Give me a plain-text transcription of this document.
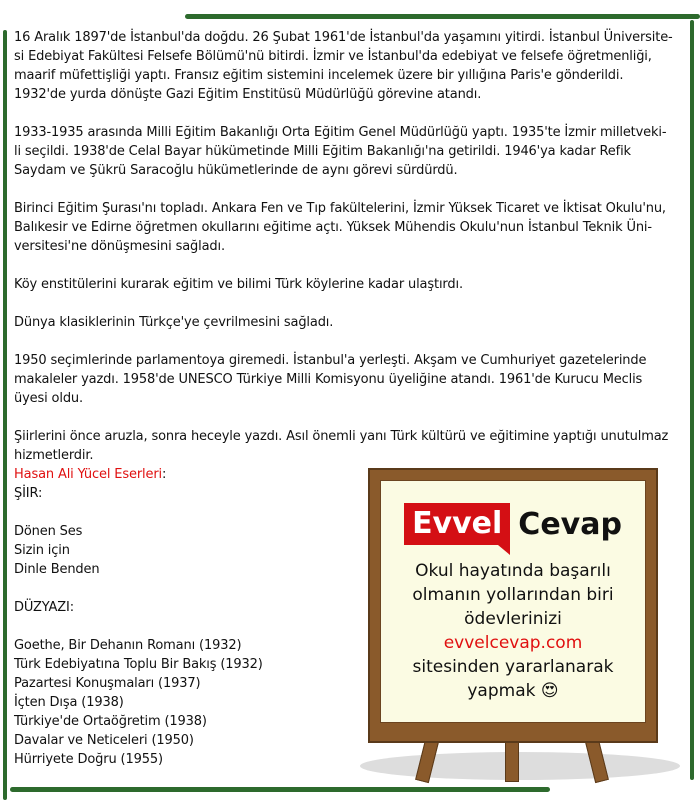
16 Aralık 1897'de İstanbul'da doğdu. 26 Şubat 1961'de İstanbul'da yaşamını yitirdi. İstanbul Üniversite-
si Edebiyat Fakültesi Felsefe Bölümü'nü bitirdi. İzmir ve İstanbul'da edebiyat ve felsefe öğretmenliği,
maarif müfettişliği yaptı. Fransız eğitim sistemini incelemek üzere bir yıllığına Paris'e gönderildi.
1932'de yurda dönüşte Gazi Eğitim Enstitüsü Müdürlüğü görevine atandı.
1933-1935 arasında Milli Eğitim Bakanlığı Orta Eğitim Genel Müdürlüğü yaptı. 1935'te İzmir milletveki-
li seçildi. 1938'de Celal Bayar hükümetinde Milli Eğitim Bakanlığı'na getirildi. 1946'ya kadar Refik
Saydam ve Şükrü Saracoğlu hükümetlerinde de aynı görevi sürdürdü.
Birinci Eğitim Şurası'nı topladı. Ankara Fen ve Tıp fakültelerini, İzmir Yüksek Ticaret ve İktisat Okulu'nu,
Balıkesir ve Edirne öğretmen okullarını eğitime açtı. Yüksek Mühendis Okulu'nun İstanbul Teknik Üni-
versitesi'ne dönüşmesini sağladı.
Köy enstitülerini kurarak eğitim ve bilimi Türk köylerine kadar ulaştırdı.
Dünya klasiklerinin Türkçe'ye çevrilmesini sağladı.
1950 seçimlerinde parlamentoya giremedi. İstanbul'a yerleşti. Akşam ve Cumhuriyet gazetelerinde
makaleler yazdı. 1958'de UNESCO Türkiye Milli Komisyonu üyeliğine atandı. 1961'de Kurucu Meclis
üyesi oldu.
Şiirlerini önce aruzla, sonra heceyle yazdı. Asıl önemli yanı Türk kültürü ve eğitimine yaptığı unutulmaz
hizmetlerdir.
Hasan Ali Yücel Eserleri:
ŞİIR:
Dönen Ses
Sizin için
Dinle Benden
DÜZYAZI:
Goethe, Bir Dehanın Romanı (1932)
Türk Edebiyatına Toplu Bir Bakış (1932)
Pazartesi Konuşmaları (1937)
İçten Dışa (1938)
Türkiye'de Ortaöğretim (1938)
Davalar ve Neticeleri (1950)
Hürriyete Doğru (1955)
Evvel Cevap
Okul hayatında başarılı
olmanın yollarından biri
ödevlerinizi
evvelcevap.com
sitesinden yararlanarak
yapmak 😍
